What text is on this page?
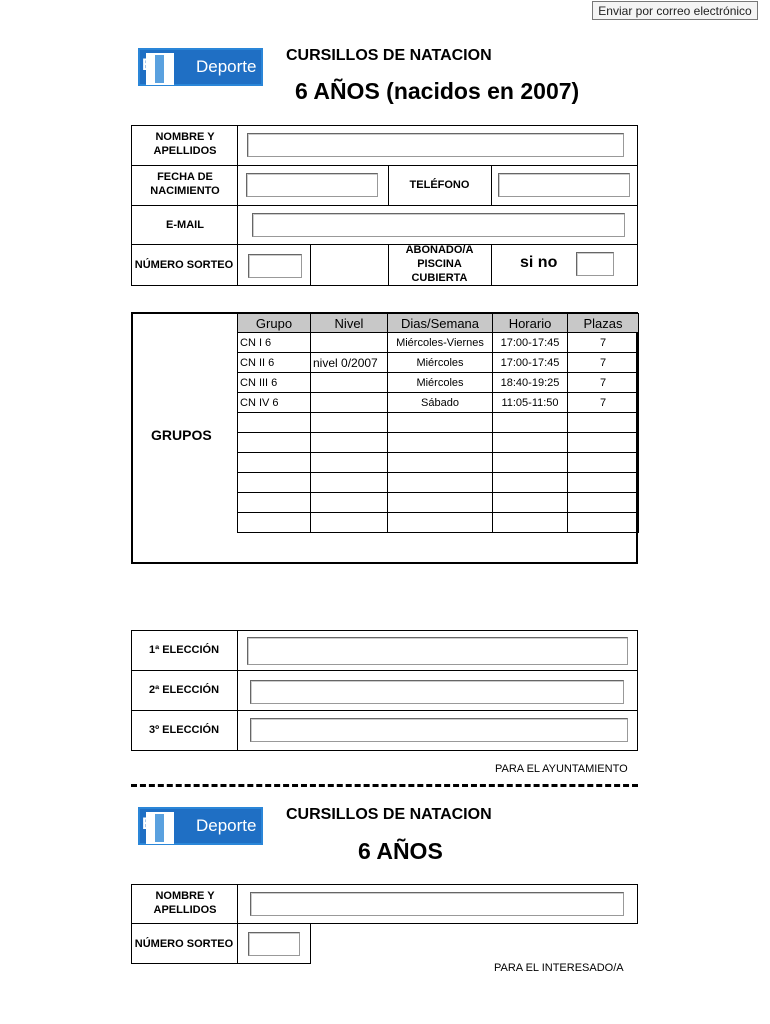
Enviar por correo electrónico
Deporte
E	CURSILLOS DE NATACION
6 AÑOS (nacidos en 2007)
NOMBRE Y APELLIDOS
FECHA DE NACIMIENTO	TELÉFONO
E-MAIL
NÚMERO SORTEO
ABONADO/A PISCINA CUBIERTA
si no
GRUPOS
Grupo	Nivel	Dias/Semana	Horario	Plazas
CN I 6		Miércoles-Viernes	17:00-17:45	7
CN II 6	nivel 0/2007	Miércoles	17:00-17:45	7
CN III 6		Miércoles	18:40-19:25	7
CN IV 6		Sábado	11:05-11:50	7

1ª ELECCIÓN
2ª ELECCIÓN
3º ELECCIÓN
PARA EL AYUNTAMIENTO
Deporte
E	CURSILLOS DE NATACION
6 AÑOS
NOMBRE Y APELLIDOS
NÚMERO SORTEO
PARA EL INTERESADO/A
